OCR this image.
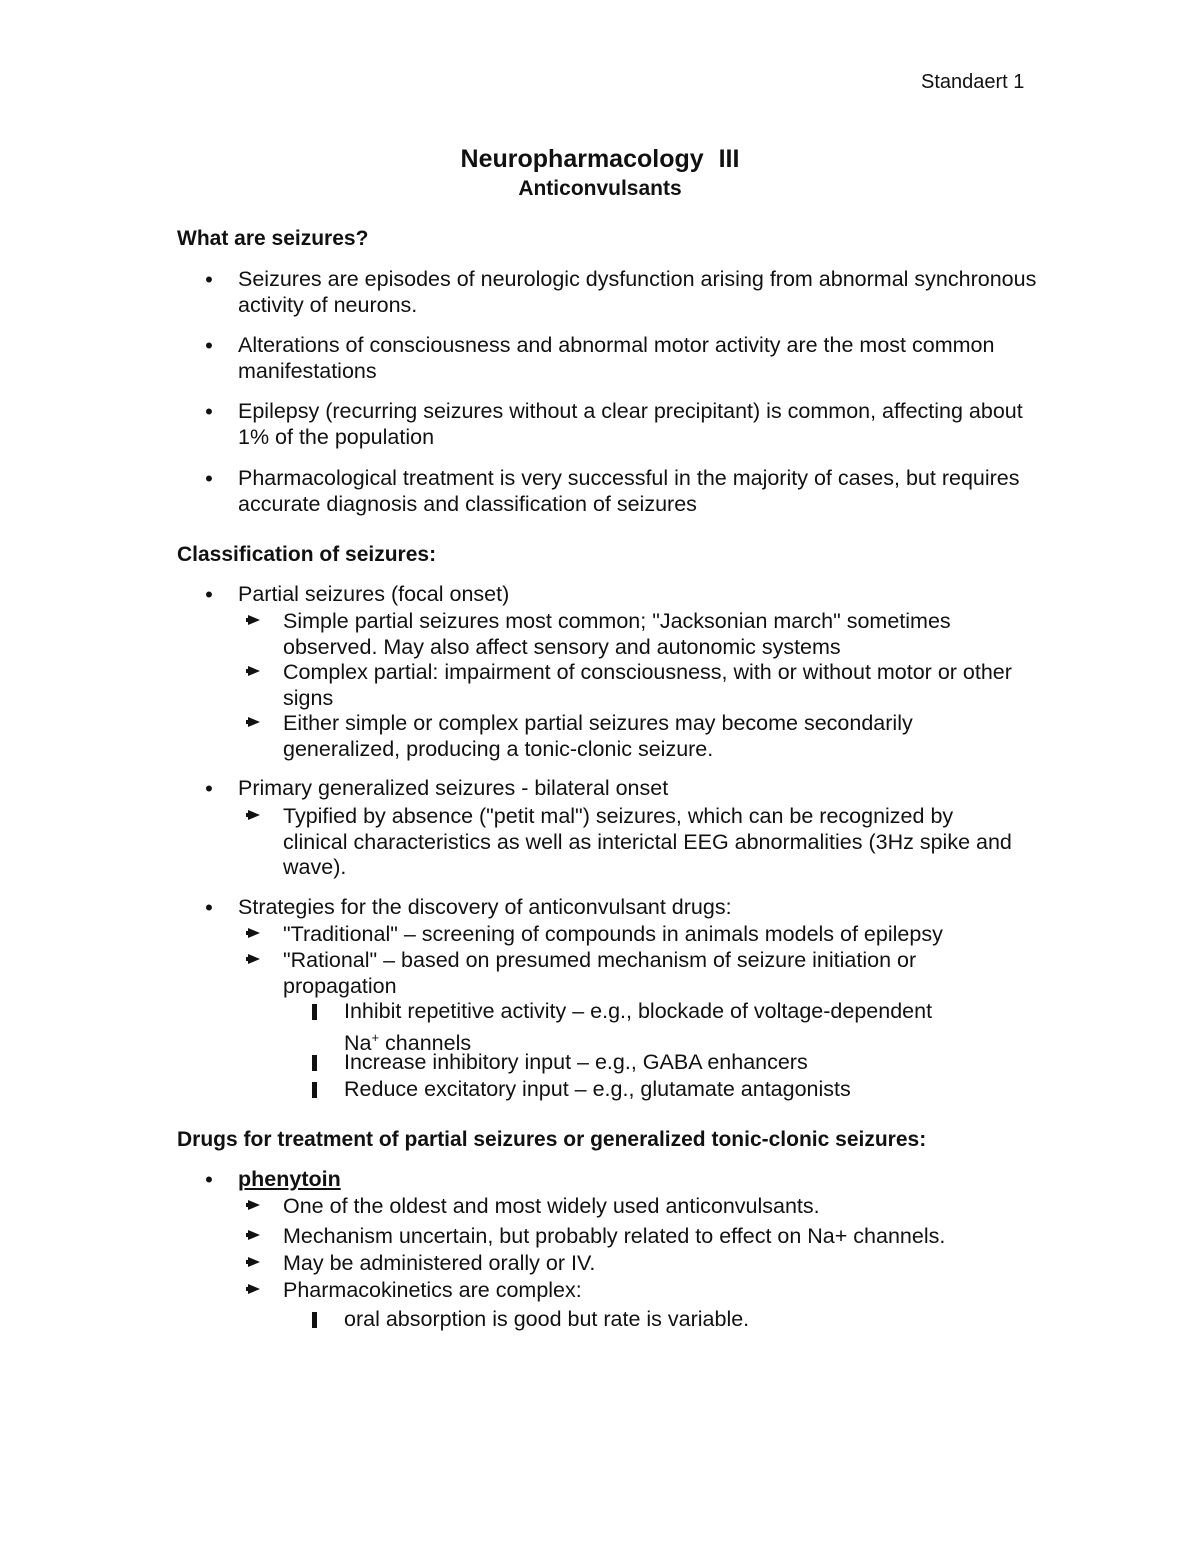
Standaert 1
Neuropharmacology III
Anticonvulsants
What are seizures?
•
Seizures are episodes of neurologic dysfunction arising from abnormal synchronous activity of neurons.
•
Alterations of consciousness and abnormal motor activity are the most common manifestations
•
Epilepsy (recurring seizures without a clear precipitant) is common, affecting about 1% of the population
•
Pharmacological treatment is very successful in the majority of cases, but requires accurate diagnosis and classification of seizures
Classification of seizures:
•
Partial seizures (focal onset)
Simple partial seizures most common; "Jacksonian march" sometimes observed. May also affect sensory and autonomic systems
Complex partial: impairment of consciousness, with or without motor or other signs
Either simple or complex partial seizures may become secondarily generalized, producing a tonic-clonic seizure.
•
Primary generalized seizures - bilateral onset
Typified by absence ("petit mal") seizures, which can be recognized by clinical characteristics as well as interictal EEG abnormalities (3Hz spike and wave).
•
Strategies for the discovery of anticonvulsant drugs:
"Traditional" – screening of compounds in animals models of epilepsy
"Rational" – based on presumed mechanism of seizure initiation or propagation
Inhibit repetitive activity – e.g., blockade of voltage-dependent
Na+ channels
Increase inhibitory input – e.g., GABA enhancers
Reduce excitatory input – e.g., glutamate antagonists
Drugs for treatment of partial seizures or generalized tonic-clonic seizures:
•
phenytoin
One of the oldest and most widely used anticonvulsants.
Mechanism uncertain, but probably related to effect on Na+ channels.
May be administered orally or IV.
Pharmacokinetics are complex:
oral absorption is good but rate is variable.
